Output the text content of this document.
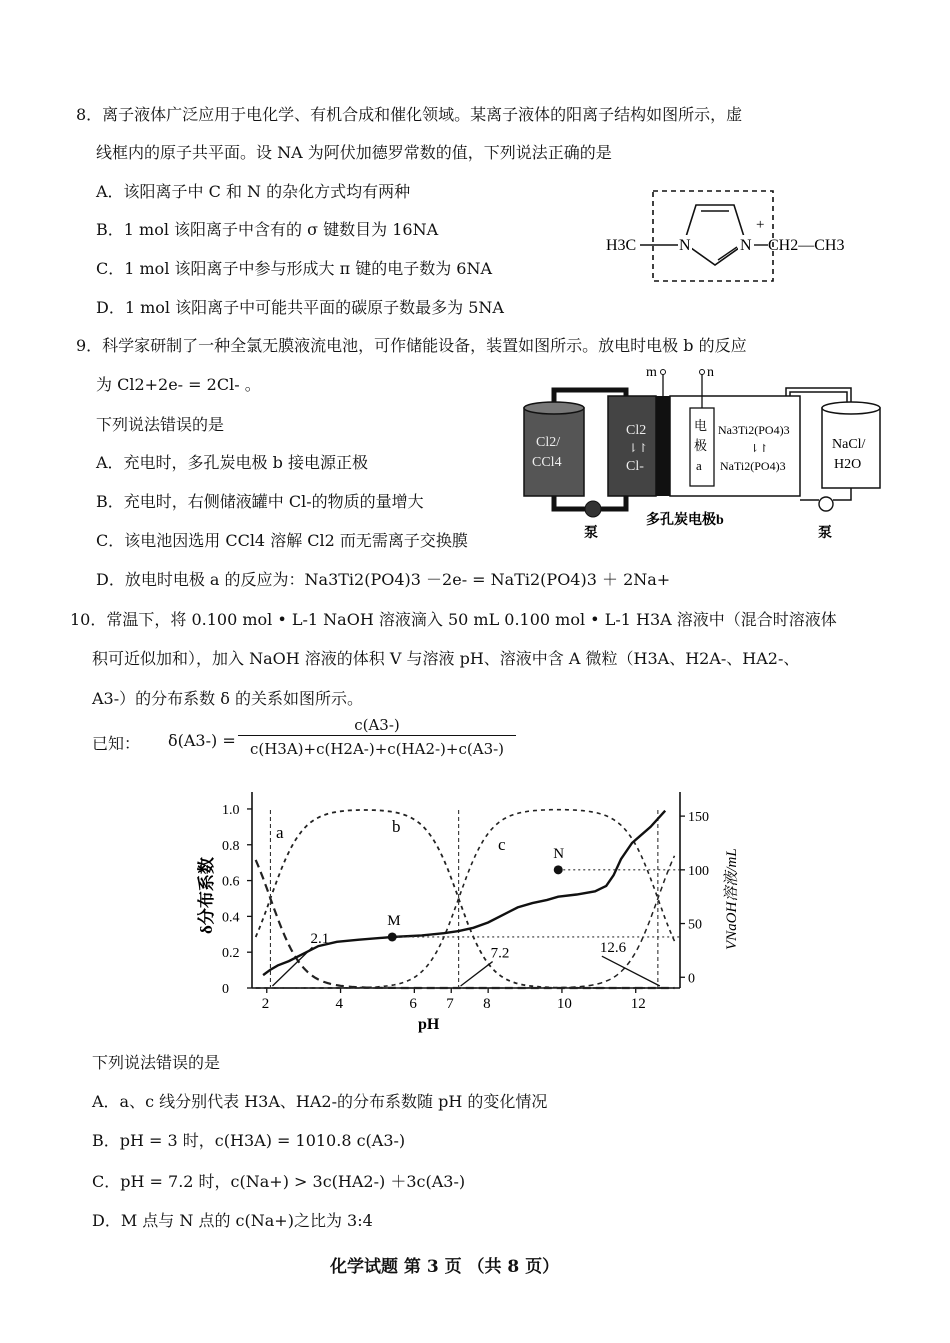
8．离子液体广泛应用于电化学、有机合成和催化领域。某离子液体的阳离子结构如图所示，虚
线框内的原子共平面。设 NA 为阿伏加德罗常数的值，下列说法正确的是
A．该阳离子中 C 和 N 的杂化方式均有两种
B．1 mol 该阳离子中含有的 σ 键数目为 16NA
C．1 mol 该阳离子中参与形成大 π 键的电子数为 6NA
D．1 mol 该阳离子中可能共平面的碳原子数最多为 5NA
N	N
+
H3C	CH2—CH3
9．科学家研制了一种全氯无膜液流电池，可作储能设备，装置如图所示。放电时电极 b 的反应
为 Cl2+2e- = 2Cl- 。
下列说法错误的是
A．充电时，多孔炭电极 b 接电源正极
B．充电时，右侧储液罐中 Cl-的物质的量增大
C．该电池因选用 CCl4 溶解 Cl2 而无需离子交换膜
D．放电时电极 a 的反应为：Na3Ti2(PO4)3 －2e- = NaTi2(PO4)3 ＋ 2Na+
Cl2/
CCl4
泵
Cl2
⇂↾
Cl-
电
极
a
Na3Ti2(PO4)3
⇂↾
NaTi2(PO4)3
m	n
多孔炭电极b
NaCl/
H2O
泵
10．常温下，将 0.100 mol • L-1 NaOH 溶液滴入 50 mL 0.100 mol • L-1 H3A 溶液中（混合时溶液体
积可近似加和），加入 NaOH 溶液的体积 V 与溶液 pH、溶液中含 A 微粒（H3A、H2A-、HA2-、
A3-）的分布系数 δ 的关系如图所示。
已知： δ(A3-) =
c(A3-)
c(H3A)+c(H2A-)+c(HA2-)+c(A3-)
2	4	6 7 8	10	12
0
0.2
0.4
0.6
0.8
1.0
0
50
100
150
2.1
7.2	12.6
M
N
δ分布系数	VNaOH溶液/mL
pH
a	b
c
下列说法错误的是
A．a、c 线分别代表 H3A、HA2-的分布系数随 pH 的变化情况
B．pH = 3 时，c(H3A) = 1010.8 c(A3-)
C．pH = 7.2 时，c(Na+) > 3c(HA2-) ＋3c(A3-)
D．M 点与 N 点的 c(Na+)之比为 3:4
化学试题 第 3 页 （共 8 页）
